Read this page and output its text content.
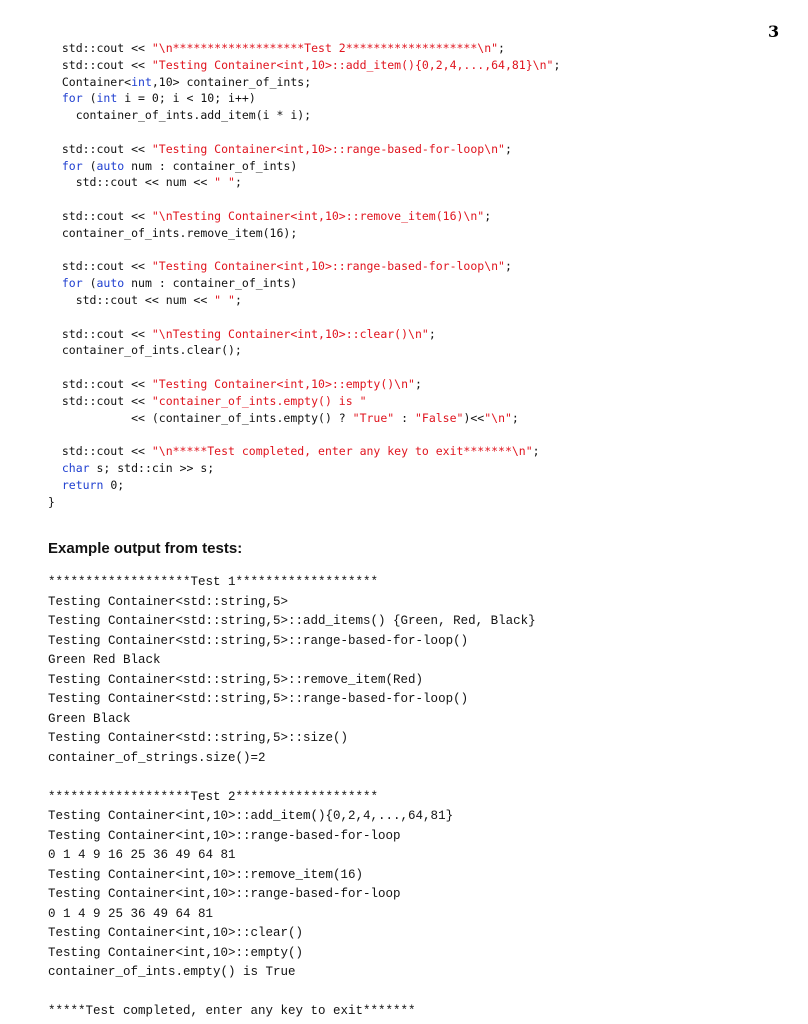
3
std::cout << "\n*******************Test 2*******************\n";
std::cout << "Testing Container<int,10>::add_item(){0,2,4,...,64,81}\n";
Container<int,10> container_of_ints;
for (int i = 0; i < 10; i++)
container_of_ints.add_item(i * i);
std::cout << "Testing Container<int,10>::range-based-for-loop\n";
for (auto num : container_of_ints)
std::cout << num << " ";
std::cout << "\nTesting Container<int,10>::remove_item(16)\n";
container_of_ints.remove_item(16);
std::cout << "Testing Container<int,10>::range-based-for-loop\n";
for (auto num : container_of_ints)
std::cout << num << " ";
std::cout << "\nTesting Container<int,10>::clear()\n";
container_of_ints.clear();
std::cout << "Testing Container<int,10>::empty()\n";
std::cout << "container_of_ints.empty() is "
<< (container_of_ints.empty() ? "True" : "False")<<"\n";
std::cout << "\n*****Test completed, enter any key to exit*******\n";
char s; std::cin >> s;
return 0;
}
Example output from tests:
*******************Test 1*******************
Testing Container<std::string,5>
Testing Container<std::string,5>::add_items() {Green, Red, Black}
Testing Container<std::string,5>::range-based-for-loop()
Green Red Black
Testing Container<std::string,5>::remove_item(Red)
Testing Container<std::string,5>::range-based-for-loop()
Green Black
Testing Container<std::string,5>::size()
container_of_strings.size()=2
*******************Test 2*******************
Testing Container<int,10>::add_item(){0,2,4,...,64,81}
Testing Container<int,10>::range-based-for-loop
0 1 4 9 16 25 36 49 64 81
Testing Container<int,10>::remove_item(16)
Testing Container<int,10>::range-based-for-loop
0 1 4 9 25 36 49 64 81
Testing Container<int,10>::clear()
Testing Container<int,10>::empty()
container_of_ints.empty() is True
*****Test completed, enter any key to exit*******
